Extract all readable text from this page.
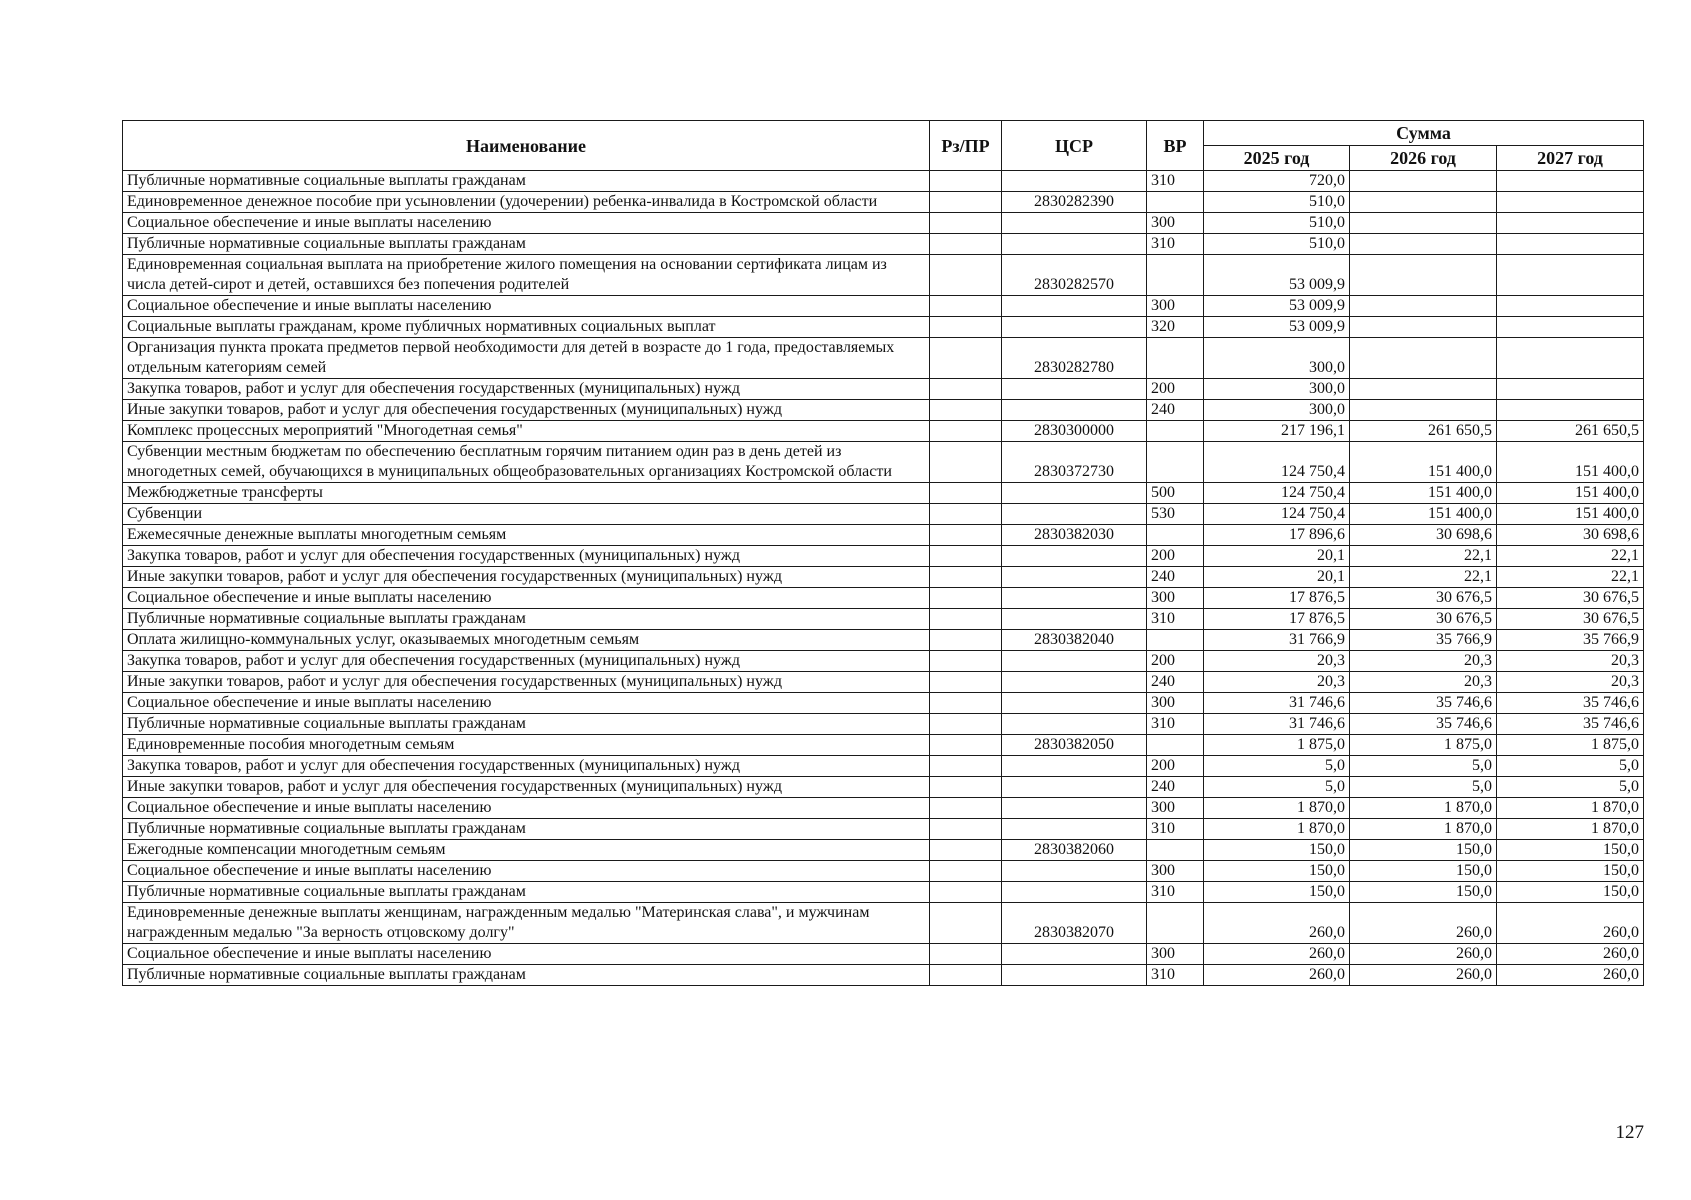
Наименование	Рз/ПР	ЦСР	ВР	Сумма		
				2025 год	2026 год	2027 год
Публичные нормативные социальные выплаты гражданам			310	720,0		
Единовременное денежное пособие при усыновлении (удочерении) ребенка-инвалида в Костромской области		2830282390		510,0		
Социальное обеспечение и иные выплаты населению			300	510,0		
Публичные нормативные социальные выплаты гражданам			310	510,0		
Единовременная социальная выплата на приобретение жилого помещения на основании сертификата лицам из числа детей-сирот и детей, оставшихся без попечения родителей		2830282570		53 009,9		
Социальное обеспечение и иные выплаты населению			300	53 009,9		
Социальные выплаты гражданам, кроме публичных нормативных социальных выплат			320	53 009,9		
Организация пункта проката предметов первой необходимости для детей в возрасте до 1 года, предоставляемых отдельным категориям семей		2830282780		300,0		
Закупка товаров, работ и услуг для обеспечения государственных (муниципальных) нужд			200	300,0		
Иные закупки товаров, работ и услуг для обеспечения государственных (муниципальных) нужд			240	300,0		
Комплекс процессных мероприятий "Многодетная семья"		2830300000		217 196,1	261 650,5	261 650,5
Субвенции местным бюджетам по обеспечению бесплатным горячим питанием один раз в день детей из многодетных семей, обучающихся в муниципальных общеобразовательных организациях Костромской области		2830372730		124 750,4	151 400,0	151 400,0
Межбюджетные трансферты			500	124 750,4	151 400,0	151 400,0
Субвенции			530	124 750,4	151 400,0	151 400,0
Ежемесячные денежные выплаты многодетным семьям		2830382030		17 896,6	30 698,6	30 698,6
Закупка товаров, работ и услуг для обеспечения государственных (муниципальных) нужд			200	20,1	22,1	22,1
Иные закупки товаров, работ и услуг для обеспечения государственных (муниципальных) нужд			240	20,1	22,1	22,1
Социальное обеспечение и иные выплаты населению			300	17 876,5	30 676,5	30 676,5
Публичные нормативные социальные выплаты гражданам			310	17 876,5	30 676,5	30 676,5
Оплата жилищно-коммунальных услуг, оказываемых многодетным семьям		2830382040		31 766,9	35 766,9	35 766,9
Закупка товаров, работ и услуг для обеспечения государственных (муниципальных) нужд			200	20,3	20,3	20,3
Иные закупки товаров, работ и услуг для обеспечения государственных (муниципальных) нужд			240	20,3	20,3	20,3
Социальное обеспечение и иные выплаты населению			300	31 746,6	35 746,6	35 746,6
Публичные нормативные социальные выплаты гражданам			310	31 746,6	35 746,6	35 746,6
Единовременные пособия многодетным семьям		2830382050		1 875,0	1 875,0	1 875,0
Закупка товаров, работ и услуг для обеспечения государственных (муниципальных) нужд			200	5,0	5,0	5,0
Иные закупки товаров, работ и услуг для обеспечения государственных (муниципальных) нужд			240	5,0	5,0	5,0
Социальное обеспечение и иные выплаты населению			300	1 870,0	1 870,0	1 870,0
Публичные нормативные социальные выплаты гражданам			310	1 870,0	1 870,0	1 870,0
Ежегодные компенсации многодетным семьям		2830382060		150,0	150,0	150,0
Социальное обеспечение и иные выплаты населению			300	150,0	150,0	150,0
Публичные нормативные социальные выплаты гражданам			310	150,0	150,0	150,0
Единовременные денежные выплаты женщинам, награжденным медалью "Материнская слава", и мужчинам награжденным медалью "За верность отцовскому долгу"		2830382070		260,0	260,0	260,0
Социальное обеспечение и иные выплаты населению			300	260,0	260,0	260,0
Публичные нормативные социальные выплаты гражданам			310	260,0	260,0	260,0
127
